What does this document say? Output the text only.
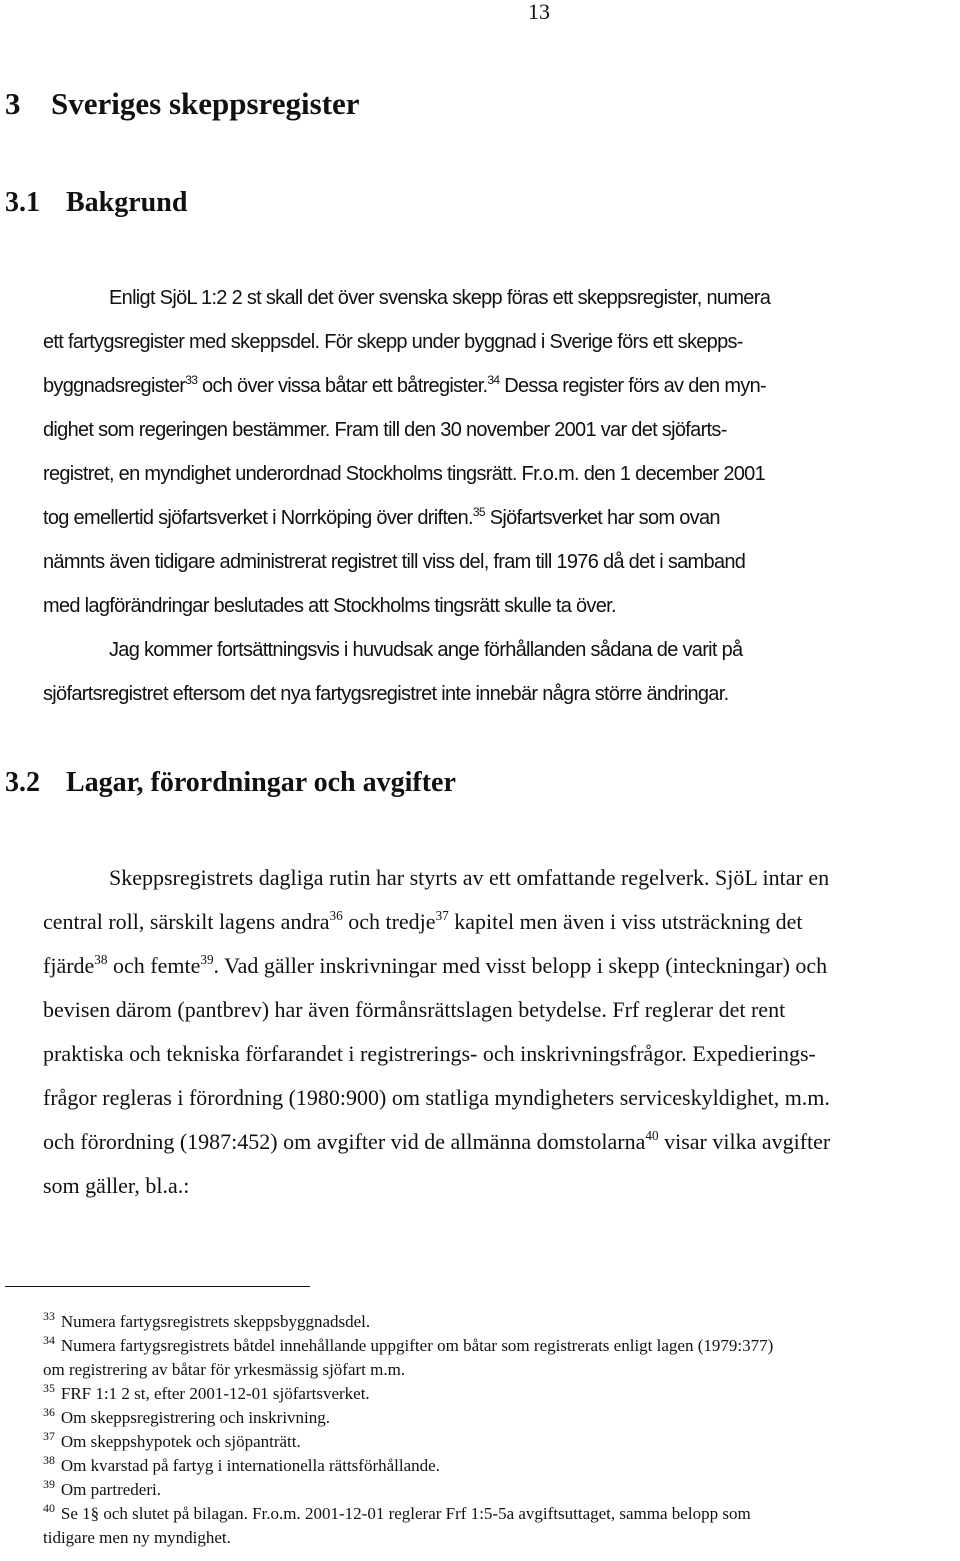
13
3 Sveriges skeppsregister
3.1 Bakgrund
Enligt SjöL 1:2 2 st skall det över svenska skepp föras ett skeppsregister, numera
ett fartygsregister med skeppsdel. För skepp under byggnad i Sverige förs ett skepps-
byggnadsregister$^{33}$ och över vissa båtar ett båtregister.$^{34}$ Dessa register förs av den myn-
dighet som regeringen bestämmer. Fram till den 30 november 2001 var det sjöfarts-
registret, en myndighet underordnad Stockholms tingsrätt. Fr.o.m. den 1 december 2001
tog emellertid sjöfartsverket i Norrköping över driften.$^{35}$ Sjöfartsverket har som ovan
nämnts även tidigare administrerat registret till viss del, fram till 1976 då det i samband
med lagförändringar beslutades att Stockholms tingsrätt skulle ta över.
Jag kommer fortsättningsvis i huvudsak ange förhållanden sådana de varit på
sjöfartsregistret eftersom det nya fartygsregistret inte innebär några större ändringar.
3.2 Lagar, förordningar och avgifter
Skeppsregistrets dagliga rutin har styrts av ett omfattande regelverk. SjöL intar en
central roll, särskilt lagens andra$^{36}$ och tredje$^{37}$ kapitel men även i viss utsträckning det
fjärde$^{38}$ och femte$^{39}$. Vad gäller inskrivningar med visst belopp i skepp (inteckningar) och
bevisen därom (pantbrev) har även förmånsrättslagen betydelse. Frf reglerar det rent
praktiska och tekniska förfarandet i registrerings- och inskrivningsfrågor. Expedierings-
frågor regleras i förordning (1980:900) om statliga myndigheters serviceskyldighet, m.m.
och förordning (1987:452) om avgifter vid de allmänna domstolarna$^{40}$ visar vilka avgifter
som gäller, bl.a.:
$^{33}$ Numera fartygsregistrets skeppsbyggnadsdel.
$^{34}$ Numera fartygsregistrets båtdel innehållande uppgifter om båtar som registrerats enligt lagen (1979:377)
om registrering av båtar för yrkesmässig sjöfart m.m.
$^{35}$ FRF 1:1 2 st, efter 2001-12-01 sjöfartsverket.
$^{36}$ Om skeppsregistrering och inskrivning.
$^{37}$ Om skeppshypotek och sjöpanträtt.
$^{38}$ Om kvarstad på fartyg i internationella rättsförhållande.
$^{39}$ Om partrederi.
$^{40}$ Se 1§ och slutet på bilagan. Fr.o.m. 2001-12-01 reglerar Frf 1:5-5a avgiftsuttaget, samma belopp som
tidigare men ny myndighet.
